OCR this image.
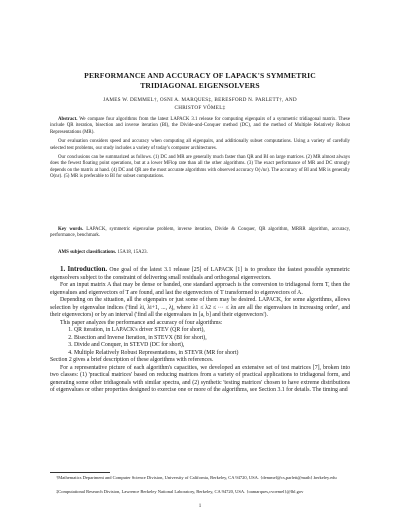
PERFORMANCE AND ACCURACY OF LAPACK'S SYMMETRIC
TRIDIAGONAL EIGENSOLVERS
JAMES W. DEMMEL†, OSNI A. MARQUES‡, BERESFORD N. PARLETT†, AND
CHRISTOF VÖMEL‡

Abstract. We compare four algorithms from the latest LAPACK 3.1 release for computing eigenpairs of a symmetric tridiagonal matrix. These include QR iteration, bisection and inverse iteration (BI), the Divide-and-Conquer method (DC), and the method of Multiple Relatively Robust Representations (MR).

Our evaluation considers speed and accuracy when computing all eigenpairs, and additionally subset computations. Using a variety of carefully selected test problems, our study includes a variety of today's computer architectures.

Our conclusions can be summarized as follows. (1) DC and MR are generally much faster than QR and BI on large matrices. (2) MR almost always does the fewest floating point operations, but at a lower MFlop rate than all the other algorithms. (3) The exact performance of MR and DC strongly depends on the matrix at hand. (4) DC and QR are the most accurate algorithms with observed accuracy O(√nε). The accuracy of BI and MR is generally O(nε). (5) MR is preferable to BI for subset computations.

Key words. LAPACK, symmetric eigenvalue problem, inverse iteration, Divide & Conquer, QR algorithm, MRRR algorithm, accuracy, performance, benchmark.
AMS subject classifications. 15A18, 15A23.

1. Introduction. One goal of the latest 3.1 release [25] of LAPACK [1] is to produce the fastest possible symmetric eigensolvers subject to the constraint of delivering small residuals and orthogonal eigenvectors.

For an input matrix A that may be dense or banded, one standard approach is the conversion to tridiagonal form T, then the eigenvalues and eigenvectors of T are found, and last the eigenvectors of T transformed to eigenvectors of A.

Depending on the situation, all the eigenpairs or just some of them may be desired. LAPACK, for some algorithms, allows selection by eigenvalue indices ('find λi, λi+1, ..., λj, where λ1 ≤ λ2 ≤ ··· ≤ λn are all the eigenvalues in increasing order', and their eigenvectors) or by an interval ('find all the eigenvalues in [a, b] and their eigenvectors').

This paper analyzes the performance and accuracy of four algorithms:

1. QR iteration, in LAPACK's driver STEV (QR for short),
2. Bisection and Inverse Iteration, in STEVX (BI for short),
3. Divide and Conquer, in STEVD (DC for short),
4. Multiple Relatively Robust Representations, in STEVR (MR for short)

Section 2 gives a brief description of these algorithms with references.

For a representative picture of each algorithm's capacities, we developed an extensive set of test matrices [7], broken into two classes: (1) 'practical matrices' based on reducing matrices from a variety of practical applications to tridiagonal form, and generating some other tridiagonals with similar spectra, and (2) synthetic 'testing matrices' chosen to have extreme distributions of eigenvalues or other properties designed to exercise one or more of the algorithms, see Section 3.1 for details. The timing and

†Mathematics Department and Computer Science Division, University of California, Berkeley, CA 94720, USA. {demmel@cs,parlett@math}.berkeley.edu
‡Computational Research Division, Lawrence Berkeley National Laboratory, Berkeley, CA 94720, USA. {oamarques,cvoemel}@lbl.gov
1
